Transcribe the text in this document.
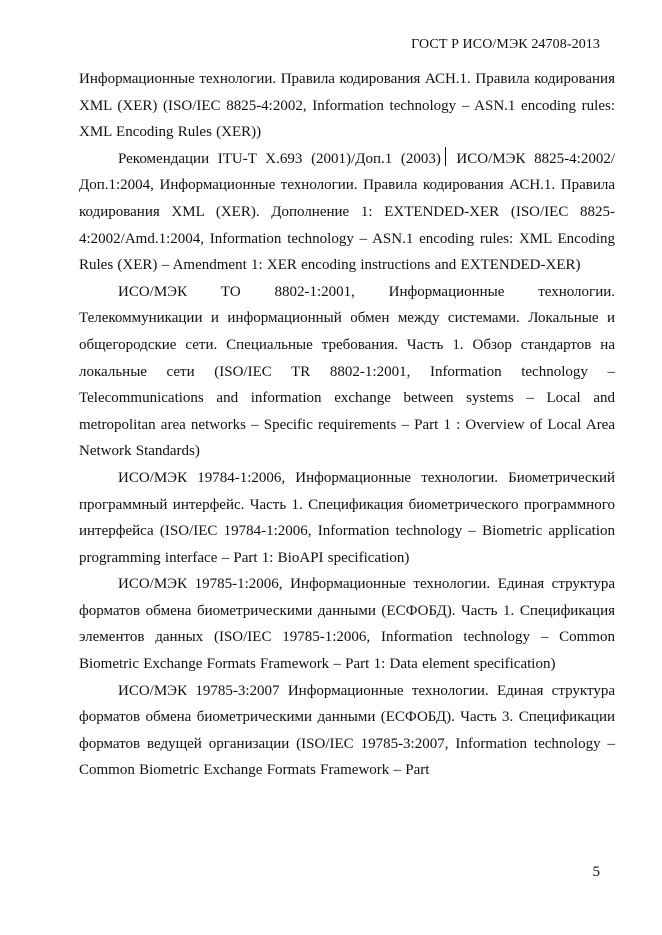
ГОСТ Р ИСО/МЭК 24708-2013

Информационные технологии. Правила кодирования АСН.1. Правила кодирования XML (XER) (ISO/IEC 8825-4:2002, Information technology – ASN.1 encoding rules: XML Encoding Rules (XER))

Рекомендации ITU-T X.693 (2001)/Доп.1 (2003) ИСО/МЭК 8825-4:2002/Доп.1:2004, Информационные технологии. Правила кодирования АСН.1. Правила кодирования XML (XER). Дополнение 1: EXTENDED-XER (ISO/IEC 8825-4:2002/Amd.1:2004, Information technology – ASN.1 encoding rules: XML Encoding Rules (XER) – Amendment 1: XER encoding instructions and EXTENDED-XER)

ИСО/МЭК ТО 8802-1:2001, Информационные технологии. Телекоммуникации и информационный обмен между системами. Локальные и общегородские сети. Специальные требования. Часть 1. Обзор стандартов на локальные сети (ISO/IEC TR 8802-1:2001, Information technology – Telecommunications and information exchange between systems – Local and metropolitan area networks – Specific requirements – Part 1 : Overview of Local Area Network Standards)

ИСО/МЭК 19784-1:2006, Информационные технологии. Биометрический программный интерфейс. Часть 1. Спецификация биометрического программного интерфейса (ISO/IEC 19784-1:2006, Information technology – Biometric application programming interface – Part 1: BioAPI specification)

ИСО/МЭК 19785-1:2006, Информационные технологии. Единая структура форматов обмена биометрическими данными (ЕСФОБД). Часть 1. Спецификация элементов данных (ISO/IEC 19785-1:2006, Information technology – Common Biometric Exchange Formats Framework – Part 1: Data element specification)

ИСО/МЭК 19785-3:2007 Информационные технологии. Единая структура форматов обмена биометрическими данными (ЕСФОБД). Часть 3. Спецификации форматов ведущей организации (ISO/IEC 19785-3:2007, Information technology – Common Biometric Exchange Formats Framework – Part

5
